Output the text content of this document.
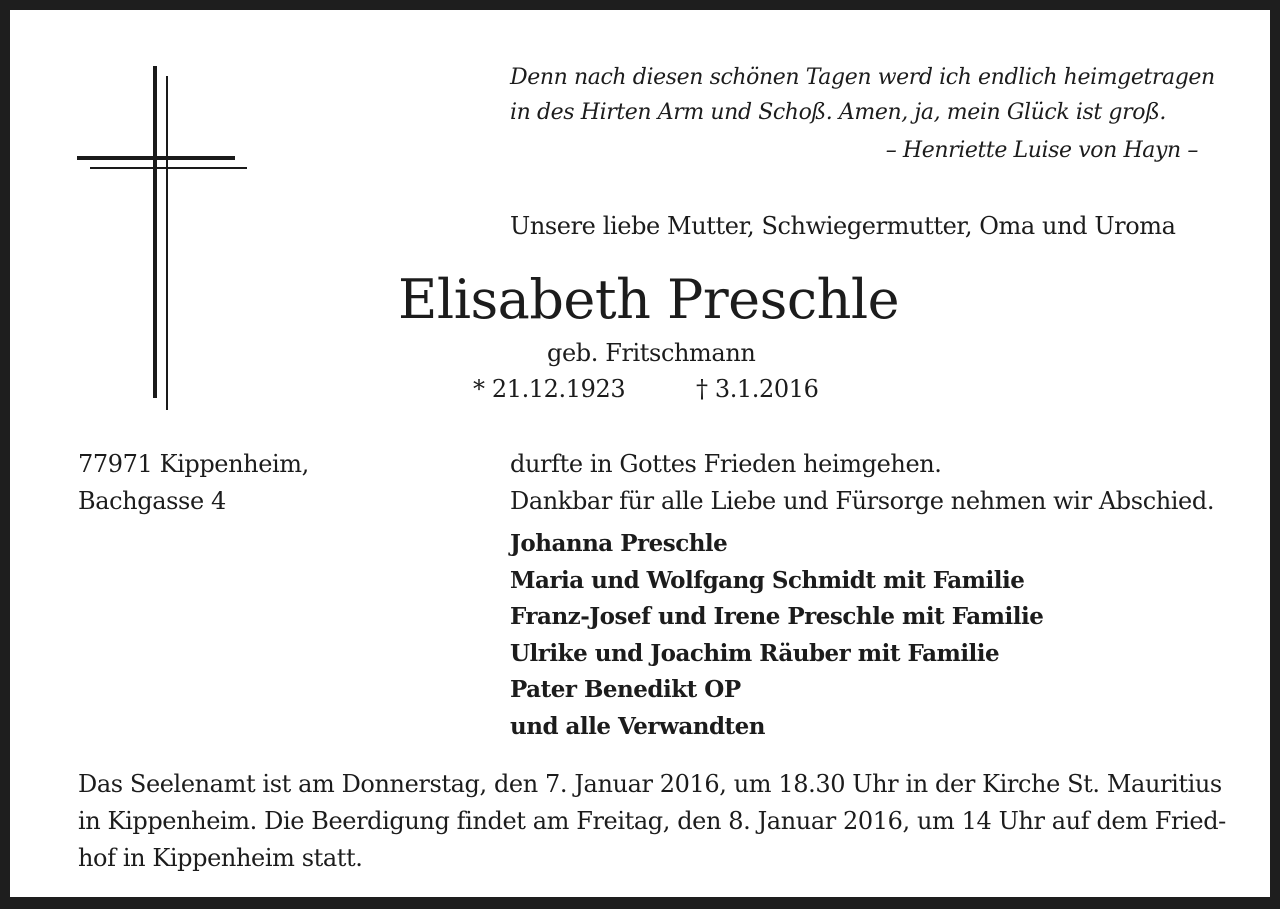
Denn nach diesen schönen Tagen werd ich endlich heimgetragen
in des Hirten Arm und Schoß. Amen, ja, mein Glück ist groß.
– Henriette Luise von Hayn –
Unsere liebe Mutter, Schwiegermutter, Oma und Uroma
Elisabeth Preschle
geb. Fritschmann
* 21.12.1923	† 3.1.2016
77971 Kippenheim,
Bachgasse 4
durfte in Gottes Frieden heimgehen.
Dankbar für alle Liebe und Fürsorge nehmen wir Abschied.
Johanna Preschle
Maria und Wolfgang Schmidt mit Familie
Franz-Josef und Irene Preschle mit Familie
Ulrike und Joachim Räuber mit Familie
Pater Benedikt OP
und alle Verwandten
Das Seelenamt ist am Donnerstag, den 7. Januar 2016, um 18.30 Uhr in der Kirche St. Mauritius
in Kippenheim. Die Beerdigung findet am Freitag, den 8. Januar 2016, um 14 Uhr auf dem Fried-
hof in Kippenheim statt.
